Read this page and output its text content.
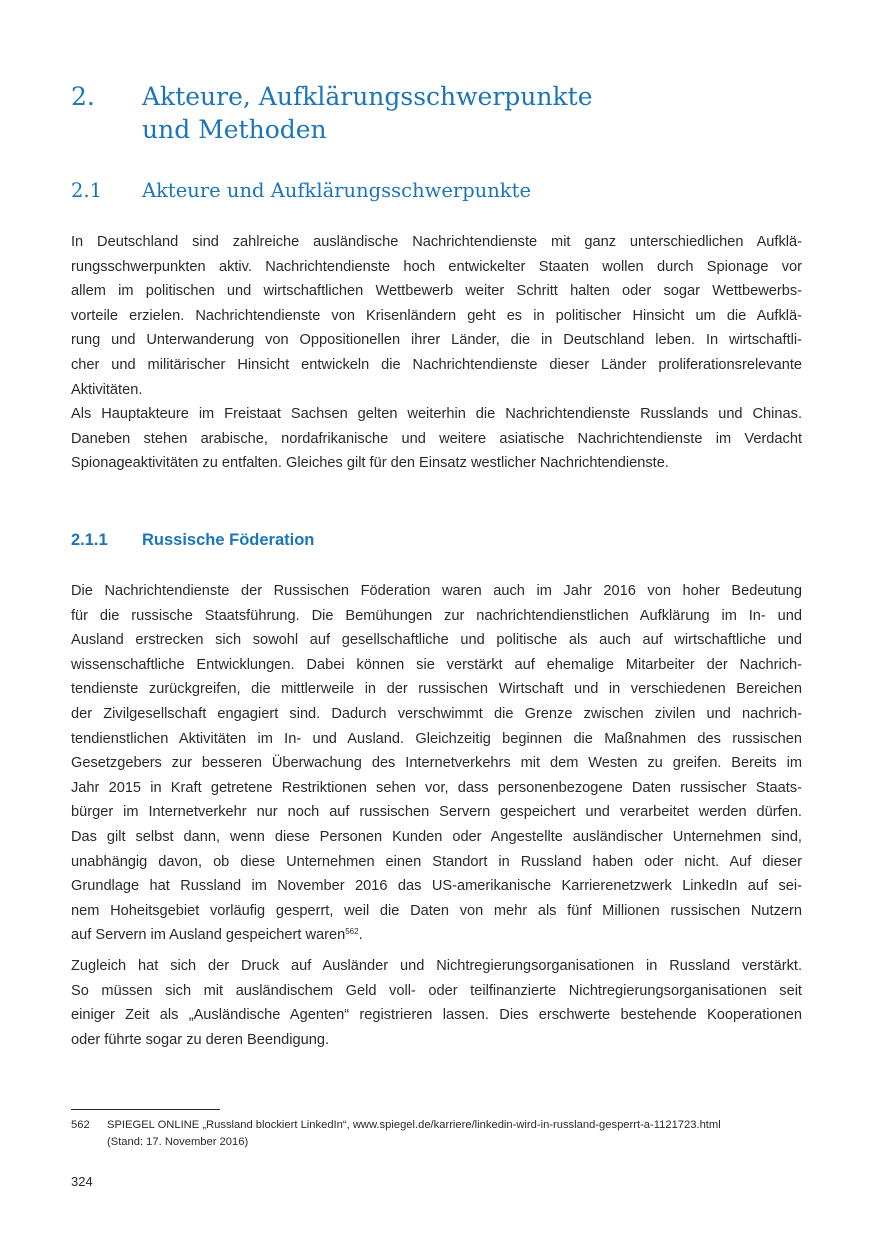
2. Akteure, Aufklärungsschwerpunkte
und Methoden
2.1 Akteure und Aufklärungsschwerpunkte
In Deutschland sind zahlreiche ausländische Nachrichtendienste mit ganz unterschiedlichen Aufklä-
rungsschwerpunkten aktiv. Nachrichtendienste hoch entwickelter Staaten wollen durch Spionage vor
allem im politischen und wirtschaftlichen Wettbewerb weiter Schritt halten oder sogar Wettbewerbs-
vorteile erzielen. Nachrichtendienste von Krisenländern geht es in politischer Hinsicht um die Aufklä-
rung und Unterwanderung von Oppositionellen ihrer Länder, die in Deutschland leben. In wirtschaftli-
cher und militärischer Hinsicht entwickeln die Nachrichtendienste dieser Länder proliferationsrelevante
Aktivitäten.
Als Hauptakteure im Freistaat Sachsen gelten weiterhin die Nachrichtendienste Russlands und Chinas.
Daneben stehen arabische, nordafrikanische und weitere asiatische Nachrichtendienste im Verdacht
Spionageaktivitäten zu entfalten. Gleiches gilt für den Einsatz westlicher Nachrichtendienste.
2.1.1 Russische Föderation
Die Nachrichtendienste der Russischen Föderation waren auch im Jahr 2016 von hoher Bedeutung
für die russische Staatsführung. Die Bemühungen zur nachrichtendienstlichen Aufklärung im In- und
Ausland erstrecken sich sowohl auf gesellschaftliche und politische als auch auf wirtschaftliche und
wissenschaftliche Entwicklungen. Dabei können sie verstärkt auf ehemalige Mitarbeiter der Nachrich-
tendienste zurückgreifen, die mittlerweile in der russischen Wirtschaft und in verschiedenen Bereichen
der Zivilgesellschaft engagiert sind. Dadurch verschwimmt die Grenze zwischen zivilen und nachrich-
tendienstlichen Aktivitäten im In- und Ausland. Gleichzeitig beginnen die Maßnahmen des russischen
Gesetzgebers zur besseren Überwachung des Internetverkehrs mit dem Westen zu greifen. Bereits im
Jahr 2015 in Kraft getretene Restriktionen sehen vor, dass personenbezogene Daten russischer Staats-
bürger im Internetverkehr nur noch auf russischen Servern gespeichert und verarbeitet werden dürfen.
Das gilt selbst dann, wenn diese Personen Kunden oder Angestellte ausländischer Unternehmen sind,
unabhängig davon, ob diese Unternehmen einen Standort in Russland haben oder nicht. Auf dieser
Grundlage hat Russland im November 2016 das US-amerikanische Karrierenetzwerk LinkedIn auf sei-
nem Hoheitsgebiet vorläufig gesperrt, weil die Daten von mehr als fünf Millionen russischen Nutzern
auf Servern im Ausland gespeichert waren$^{562}$.
Zugleich hat sich der Druck auf Ausländer und Nichtregierungsorganisationen in Russland verstärkt.
So müssen sich mit ausländischem Geld voll- oder teilfinanzierte Nichtregierungsorganisationen seit
einiger Zeit als „Ausländische Agenten“ registrieren lassen. Dies erschwerte bestehende Kooperationen
oder führte sogar zu deren Beendigung.
562 SPIEGEL ONLINE „Russland blockiert LinkedIn“, www.spiegel.de/karriere/linkedin-wird-in-russland-gesperrt-a-1121723.html
(Stand: 17. November 2016)
324
